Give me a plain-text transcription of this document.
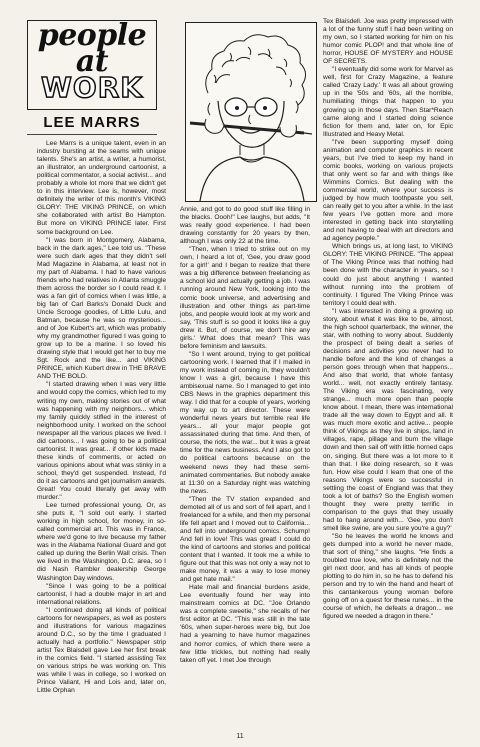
people at
WORK
LEE MARRS

Lee Marrs is a unique talent, even in an industry bursting at the seams with unique talents. She's an artist, a writer, a humorist, an illustrator, an underground cartoonist, a political commentator, a social activist... and probably a whole lot more that we didn't get to in this interview. Lee is, however, most definitely the writer of this month's VIKING GLORY: THE VIKING PRINCE, on which she collaborated with artist Bo Hampton. But more on VIKING PRINCE later. First some background on Lee.

"I was born in Montgomery, Alabama, back in the dark ages," Lee told us. "These were such dark ages that they didn't sell Mad Magazine in Alabama, at least not in my part of Alabama. I had to have various friends who had relatives in Atlanta smuggle them across the border so I could read it. I was a fan girl of comics when I was little, a big fan of Carl Barks's Donald Duck and Uncle Scrooge goodies, of Little Lulu, and Batman, because he was so mysterious... and of Joe Kubert's art, which was probably why my grandmother figured I was going to grow up to be a marine. I so loved his drawing style that I would get her to buy me Sgt. Rock and the like... and VIKING PRINCE, which Kubert drew in THE BRAVE AND THE BOLD.

"I started drawing when I was very little and would copy the comics, which led to my writing my own, making stories out of what was happening with my neighbors... which my family quickly stifled in the interest of neighborhood unity. I worked on the school newspaper all the various places we lived. I did cartoons... I was going to be a political cartoonist. It was great... if other kids made these kinds of comments, or acted on various opinions about what was stinky in a school, they'd get suspended. Instead, I'd do it as cartoons and get journalism awards. Great! You could literally get away with murder."

Lee turned professional young. Or, as she puts it, "I sold out early. I started working in high school, for money, in so-called commercial art. This was in France, where we'd gone to live because my father was in the Alabama National Guard and got called up during the Berlin Wall crisis. Then we lived in the Washington, D.C. area, so I did Nash Rambler dealership George Washington Day windows.

"Since I was going to be a political cartoonist, I had a double major in art and international relations.

"I continued doing all kinds of political cartoons for newspapers, as well as posters and illustrations for various magazines around D.C., so by the time I graduated I actually had a portfolio." Newspaper strip artist Tex Blaisdell gave Lee her first break in the comics field. "I started assisting Tex on various strips he was working on. This was while I was in college, so I worked on Prince Valiant, Hi and Lois and, later on, Little Orphan

Annie, and got to do good stuff like filling in the blacks. Oooh!" Lee laughs, but adds, "It was really good experience. I had been drawing constantly for 20 years by then, although I was only 22 at the time.

"Then, when I tried to strike out on my own, I heard a lot of, 'Gee, you draw good for a girl!' and I began to realize that there was a big difference between freelancing as a school kid and actually getting a job. I was running around New York, looking into the comic book universe, and advertising and illustration and other things as part-time jobs, and people would look at my work and say, 'This stuff is so good it looks like a guy drew it. But, of course, we don't hire any girls.' What does that mean? This was before feminism and lawsuits.

"So I went around, trying to get political cartooning work. I learned that if I mailed in my work instead of coming in, they wouldn't know I was a girl, because I have this ambisexual name. So I managed to get into CBS News in the graphics department this way. I did that for a couple of years, working my way up to art director. These were wonderful news years but terrible real life years... all your major people got assassinated during that time. And then, of course, the riots, the war... but it was a great time for the news business. And I also got to do political cartoons because on the weekend news they had these semi-animated commentaries. But nobody awake at 11:30 on a Saturday night was watching the news.

"Then the TV station expanded and demoted all of us and sort of fell apart, and I freelanced for a while, and then my personal life fell apart and I moved out to California... and fell into underground comics. Schump! And fell in love! This was great! I could do the kind of cartoons and stories and political content that I wanted. It took me a while to figure out that this was not only a way not to make money, it was a way to lose money and get hate mail."

Hate mail and financial burdens aside, Lee eventually found her way into mainstream comics at DC. "Joe Orlando was a complete sweetie," she recalls of her first editor at DC. "This was still in the late '60s, when super-heroes were big, but Joe had a yearning to have humor magazines and horror comics, of which there were a few little trickles, but nothing had really taken off yet. I met Joe through

Tex Blaisdell. Joe was pretty impressed with a lot of the funny stuff I had been writing on my own, so I started working for him on his humor comic PLOP! and that whole line of horror, HOUSE OF MYSTERY and HOUSE OF SECRETS.

"I eventually did some work for Marvel as well, first for Crazy Magazine, a feature called 'Crazy Lady.' It was all about growing up in the '50s and '60s, all the horrible, humiliating things that happen to you growing up in those days. Then Star*Reach came along and I started doing science fiction for them and, later on, for Epic Illustrated and Heavy Metal.

"I've been supporting myself doing animation and computer graphics in recent years, but I've tried to keep my hand in comic books, working on various projects that only went so far and with things like Wimmins Comics. But dealing with the commercial world, where your success is judged by how much toothpaste you sell, can really get to you after a while. In the last few years I've gotten more and more interested in getting back into storytelling and not having to deal with art directors and ad agency people."

Which brings us, at long last, to VIKING GLORY: THE VIKING PRINCE. "The appeal of The Viking Prince was that nothing had been done with the character in years, so I could do just about anything I wanted without running into the problem of continuity. I figured The Viking Prince was territory I could deal with.

"I was interested in doing a growing up story, about what it was like to be, almost, the high school quarterback, the winner, the star, with nothing to worry about. Suddenly the prospect of being dealt a series of decisions and activities you never had to handle before and the kind of changes a person goes through when that happens... And also that world, that whole fantasy world... well, not exactly entirely fantasy. The Viking era was fascinating, very strange... much more open than people know about. I mean, there was international trade all the way down to Egypt and all. It was much more exotic and active... people think of Vikings as they live in ships, land in villages, rape, pillage and burn the village down and then sail off with little horned caps on, singing. But there was a lot more to it than that. I like doing research, so it was fun. How else could I learn that one of the reasons Vikings were so successful in settling the coast of England was that they took a lot of baths? So the English women thought they were pretty terrific in comparison to the guys that they usually had to hang around with... 'Gee, you don't smell like swine, are you sure you're a guy?'

"So he leaves the world he knows and gets dumped into a world he never made, that sort of thing," she laughs. "He finds a troubled true love, who is definitely not the girl next door, and has all kinds of people plotting to do him in, so he has to defend his person and try to win the hand and heart of this cantankerous young woman before going off on a quest for these runes... in the course of which, he defeats a dragon... we figured we needed a dragon in there."

11
